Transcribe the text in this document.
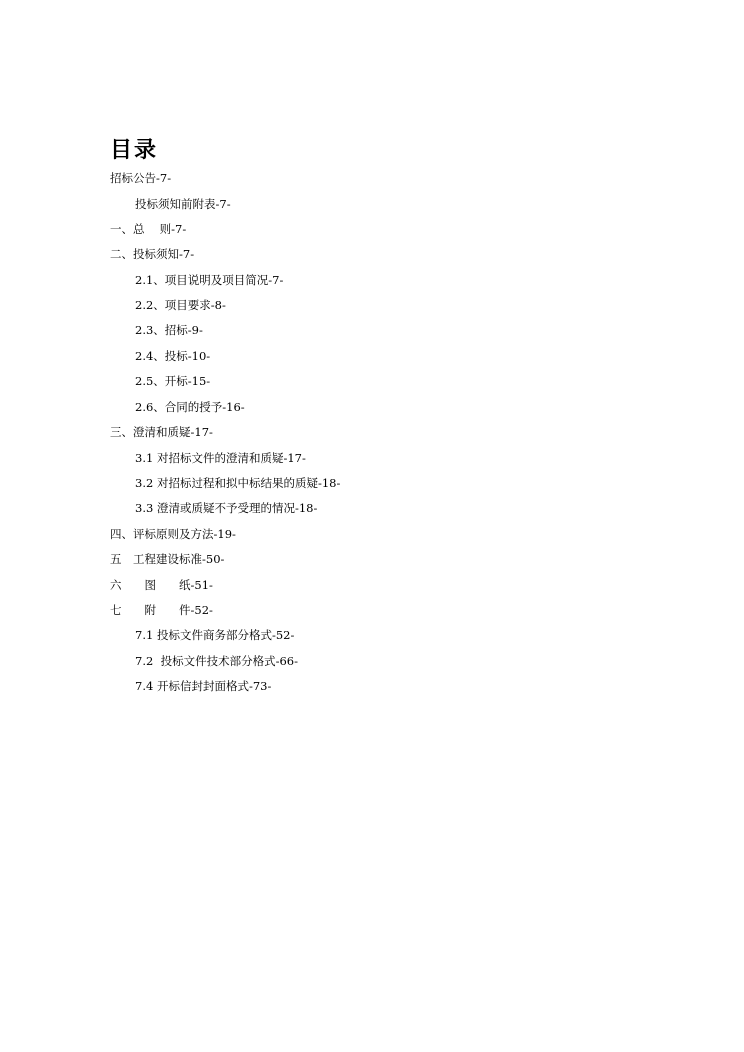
目录
招标公告-7-
投标须知前附表-7-
一、总　 则-7-
二、投标须知-7-
2.1、项目说明及项目简况-7-
2.2、项目要求-8-
2.3、招标-9-
2.4、投标-10-
2.5、开标-15-
2.6、合同的授予-16-
三、澄清和质疑-17-
3.1 对招标文件的澄清和质疑-17-
3.2 对招标过程和拟中标结果的质疑-18-
3.3 澄清或质疑不予受理的情况-18-
四、评标原则及方法-19-
五　工程建设标准-50-
六　　图　　纸-51-
七　　附　　件-52-
7.1 投标文件商务部分格式-52-
7.2  投标文件技术部分格式-66-
7.4 开标信封封面格式-73-
